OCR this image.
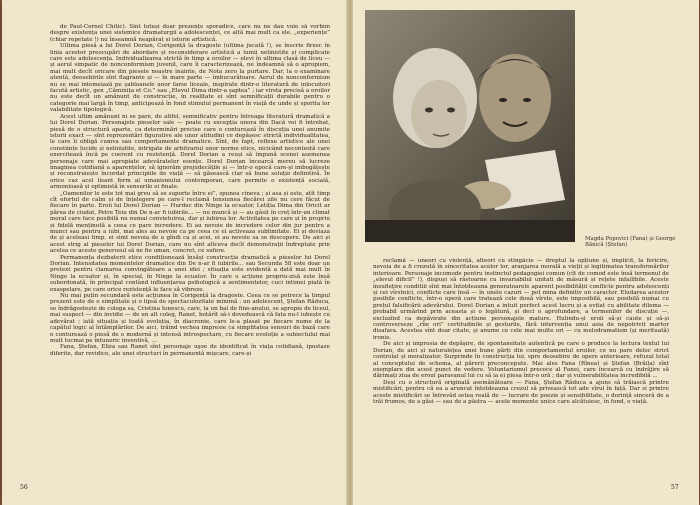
de Paul-Cornel Chitic). Sînt totuși doar prezențe sporadice, care nu ne dau voie să vorbim despre existența unei sistemice dramaturgii a adolescenței, ce altă mai mult ca ele. „experiențe” (chiar repetate !) nu înseamnă neapărat și istorie artistică.

Ultima piesă a lui Dorel Dorian, Corigență la dragoste (ultima jucată !), se înscrie firesc în linia acestor preocupări de abordare și reconsiderare artistică a lumii nelinistite și complicate care este adolescența. Individualizarea strictă în timp a eroilor — elevi în ultima clasă de liceu — și aerul simpatic de nonconformism juvenil, care îi caracterizează, ne îndeamnă să o apropiem, mai mult decît oricare din piesele noastre inainte, de Nota zero la purtare. Dar, la o examinare atentă, deosebirile sînt flagrante și — în mare parte — îmbucurătoare. Aerul de nonconformism nu se mai intemeiază pe șabloanele unor farse licеale, inspirate dintr-o literatură de inlocuitori facută artistic, gen „Căminița et Co.” sau „Elevul Dima dintr-a șaptea” ; iar virstа precisă a eroilor nu este decît un amănunt de construcție, în realitate ei sînt semnificații durabile pentru o categorie mai largă în timp, anticipează în fond stimulul permanent în viață de unde și sporita lor valabilitate tipologică.

Acest ultim amănunt ni se pare, de altfel, semnificativ pentru întreaga literatură dramatică a lui Dorel Dorian. Personajele pieselor sale — poate cu excepția unora din Dacă vei fi întrebat, piesă de o structură aparte, ca determinări precise care o conturează în discuția unei anumite istorii exact — sînt reprezentări figurative ale unor atitudini ce depășesc strictă individualitatea, le care îi obligă cumva sau comportamente dramatice. Sînt, de fapt, reflexe artistice ale unei constiințe lucide și neliniștite, intrigate de arbitrariul unor norme etice, nicicând necontestă care exercitează încă pe coerent cu rezistență. Dorel Dorian a reuși să impună scenei asemenea personaje care mai apropiate adevăratelor esențe. Dorel Dorian încearcă mereu să lucreze imaginea cotidiană a aparențelor, să ignorăm prejudecățile și — într-o epocă care-și imbogățește și reconstruiește încordat principiile de viață — să găsească clar să bune soluție definitivă. În orice caz acel lisant form al umanismului contemporan, care permite o existență socială, armonioasă și optimistă în sensurile ei finale.

„Oamenilor le este tot mai greu să se suporte între ei”, spunea cineva ; și asa și este, atît timp cît efortul de calm și de înțelegere pe care-l reclamă tensiunea fiecărei zile nu cere făcut de fiecare în parte. Eroii lui Dorel Dorian — Hurduc din Ninge la ecuator, Letiția Dima din Oricit ar părea de ciudat, Petre Teiu din De n-ar fi iubirile... — nu muncă și — au găsit în creț într-un climat moral care face posibilă nu numai convietuirea, dar și iubirea lor. Activitatea pe care și în propriu și fidelă menținută a ceea ce pare incredere. Ei au nevoie de incredere celor din jur pentru a munci sau pentru a iubi, mai ales au nevoie ca pe ceea ce ei activeaza sublimitate. Ei și deviaza de și aceleasi timp, ei simt nevoia de a gîndi ca și acei, ei au nevoie sa se descopere. De aici și acest strig al pieselor lui Dorel Dorian, care nu sînt altceva decît demonstrații îndreptate prin acelea ce aceste generosul să ne fie uman, concret, ce sufere.

Permanența dezbaterii etice condiționează însăși construcția dramatică a pieselor lui Dorel Dorian. Intensitatea momentelor dramatice din De n-ar fi iubirile... sau Secunda 58 este doar un pretext pentru clamarea convingătoare a unei idei ; situația este evidentă a dată mai mult în Ninge la ecuator și, în special, în Ninge la ecuator. În care o acțiune propriu-zisă este însă subordonată, în principal contând influențarea psihologică a sentimentelor, cuci intimei piată în exaspelare, pe care orice rezistență le face să vibreze.

Nu mai puțin secundară este acțiunea în Corigență la dragoste. Ceea ce se petrece la timpul prezent este de o simplitate și o lipsă de spectaculozitate minimă : un adolescent, Ștefan Răduca, se îndrăgostește de colega sa, Cristina Ionescu, care, la un bal de fine-anului, se apropie de liceul, mai suspect — din invidie — de un alt coleg, Ranet, botărît să-i dovedească că fata nu-l iubește cu adevărat ; iată situația și toată evoluția, în diacronie, care le-a plasat pe fiecare nume de la capătul logic al întâmplărilor. De aici, trăind vechea impresie ca simplitatea sensuri de bază care o conturează o piesă de o modernă și intensă introspectare, cu fiecare evoluție a subiectului mai mult tocmai pe întuneric inventivă, ...

Fana, Ștefan, Eliza sau Ranet sînt personaje uşoe de identificat în viața cotidiană, ipostaze diferite, dar revidice, ale unei structuri în permanentă mișcare, care-și

56
Magda Popovici (Fana) și George Bănică (Ștefan)

reclamă — uneori cu violență, alteori cu stîngăcie — dreptul la opțiune și, implicit, la fericire, nevoia de a fi crezută în sinceritatea acelor lor, aranjarea morală a vieții și legitimatea transformărilor interioare. Personaje incomode pentru instinctul pedagogiei comun (cît de comod este însă termenul de „elevul dificil” !), dispuși să răstoarne cu invariabilul unitati de măsură și rețete infailibile. Aceste însuflețire conditiii sînt mai întotdeauna generatoarele aparent posibilității conflicte pentru adolescenți și cei vîrstnici, conflicte care însă — în unele cazuri — pot mina definitiv un caracter. Eludarea acestor posibile conflicte, într-o operă care tratează cele două vîrste, este imposibilă, sau posibilă numai cu prețul falsificării adevărului. Dorel Dorian a intuit perfect acest lucru și a evitat cu abilitate dilema — probabil urmărind prin aceasta și o legătură, și deci o aprofundare, a termenilor de discuție —, excluzînd ca depăvirate din acțiune personajele mature. Hulindu-și eroii să-și caute și să-și controverseze „rîie ori” certitudinile și gesturile, fără intervenția unui asia de nepotrivit martor disafara. Acestea sînt doar citate, și anume ce cele mai multe ori — cu melodramatism (și merituată) ironie.

De aici și impresia de depăşire, de spontaneitate autentică pe care o produce la lectura textul lui Dorian, de aici și naturalețea unei bune părți din comportamentul eroilor, ce nu pare deloc strict controlat și moralizator. Surprinde în construcția lui, spre deosebire de opere anterioare, refuzul total al conceptului de schema, al părerii preconcepute. Mai ales Fana (Rînea) și Ștefan (Brăila) sînt exemplare din acest punct de vedere. Voluntarismul precoce al Fanei, care încearcă cu îndrăjire să dărîmați ziua de eroul paravanul lui cu să ia ei piesa într-o oră ; dar și vulnerabilitatea incredibilă ...

Deși cu o structură originală asemănătoare — Fana, Ștefan Răduca a ajuns să trăiască printre mistificări, pentru că ea a aruncat întotdeauna crezul să privească tot ade vîrul în față. Dar si printre aceste mistificări se întrevăd setea reală de — lucrare de poezie și sensibilitate, o dorință sinceră de a trăi frumos, de a găsi — sau de a păstra — acele momente unice care alcătuiesc, în fond, o viață.

57
